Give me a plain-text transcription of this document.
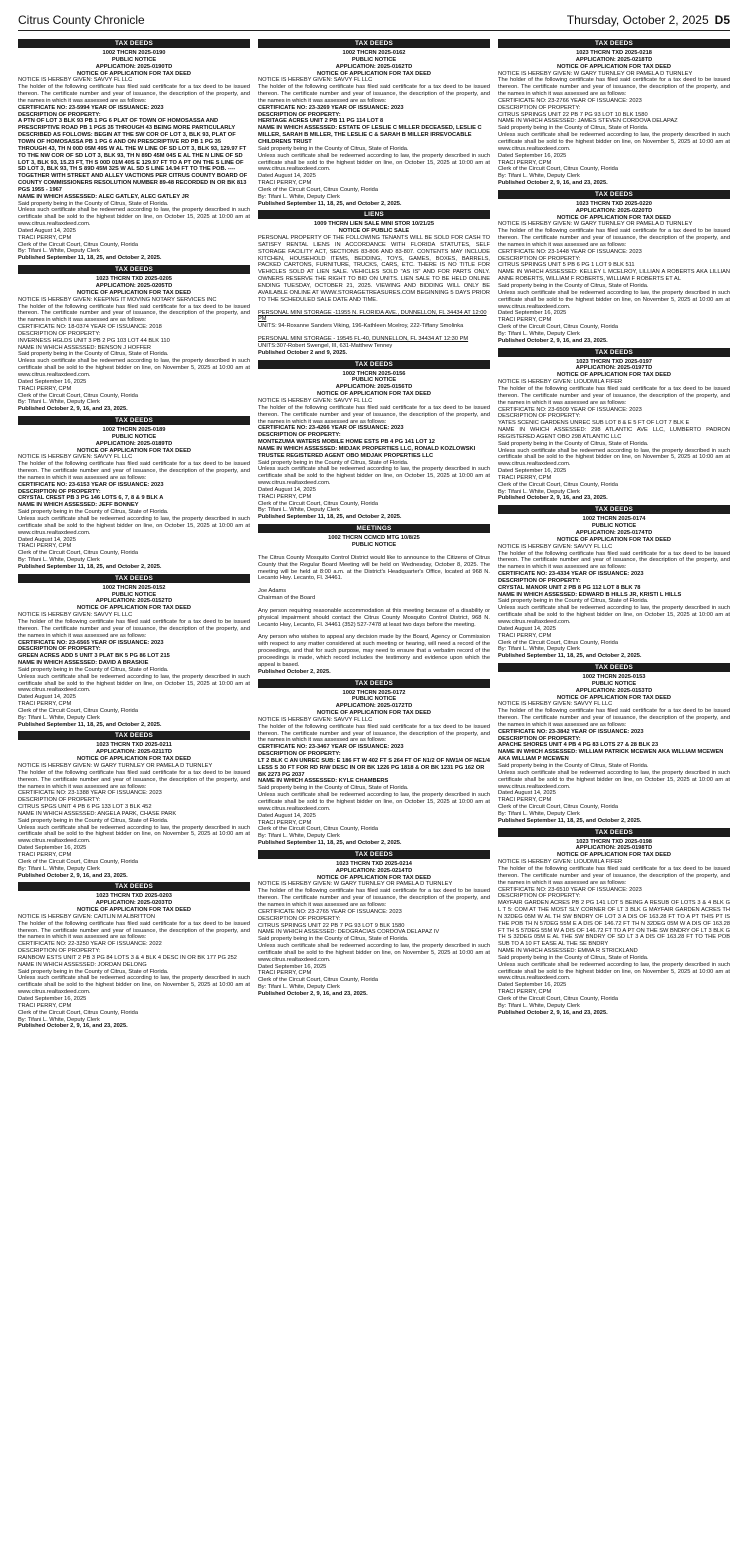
Citrus County Chronicle	Thursday, October 2, 2025 D5
TAX DEEDS
1002 THCRN 2025-0190
PUBLIC NOTICE
APPLICATION: 2025-0190TD
NOTICE OF APPLICATION FOR TAX DEED
NOTICE IS HEREBY GIVEN: SAVVY FL LLC
The holder of the following certificate has filed said certificate for a tax deed to be issued thereon. The certificate number and year of issuance, the description of the property, and the names in which it was assessed are as follows:
CERTIFICATE NO: 23-5994 YEAR OF ISSUANCE: 2023
DESCRIPTION OF PROPERTY:
A PTN OF LOT 3 BLK 93 PB 1 PG 6 PLAT OF TOWN OF HOMOSASSA AND PRESCRIPTIVE ROAD PB 1 PGS 35 THROUGH 43 BEING MORE PARTICULARLY DESCRIBED AS FOLLOWS: BEGIN AT THE SW COR OF LOT 3, BLK 93, PLAT OF TOWN OF HOMOSASSA PB 1 PG 6 AND ON PRESCRIPTIVE RD PB 1 PG 35 THROUGH 43, TH N 00D 05M 49S W AL THE W LINE OF SD LOT 3, BLK 93, 129.97 FT TO THE NW COR OF SD LOT 3, BLK 93, TH N 89D 45M 04S E AL THE N LINE OF SD LOT 3, BLK 93, 15.23 FT, TH S 00D 01M 40S E 129.97 FT TO A PT ON THE S LINE OF SD LOT 3, BLK 93, TH S 89D 45M 32S W AL SD S LINE 14.94 FT TO THE POB. ---- TOGETHER WITH STREET AND ALLEY VACTIONS PER CITRUS COUNTY BOARD OF COUNTY COMMISSIONERS RESOLUTION NUMBER 89-48 RECORDED IN OR BK 813 PGS 1955 - 1967
NAME IN WHICH ASSESSED: ALEC GATLEY, ALEC GATLEY JR
Said property being in the County of Citrus, State of Florida.
Unless such certificate shall be redeemed according to law, the property described in such certificate shall be sold to the highest bidder on line, on October 15, 2025 at 10:00 am at www.citrus.realtaxdeed.com.
Dated August 14, 2025
TRACI PERRY, CPM
Clerk of the Circuit Court, Citrus County, Florida
By: Tifani L. White, Deputy Clerk
Published September 11, 18, 25, and October 2, 2025.
TAX DEEDS
1023 THCRN TXD 2025-0205
APPLICATION: 2025-0205TD
NOTICE OF APPLICATION FOR TAX DEED
NOTICE IS HEREBY GIVEN: KEEPING IT MOVING NOTARY SERVICES INC
The holder of the following certificate has filed said certificate for a tax deed to be issued thereon. The certificate number and year of issuance, the description of the property, and the names in which it was assessed are as follows:
CERTIFICATE NO: 18-0374 YEAR OF ISSUANCE: 2018
DESCRIPTION OF PROPERTY:
INVERNESS HGLDS UNIT 3 PB 2 PG 103 LOT 44 BLK 110
NAME IN WHICH ASSESSED: BENSON J HOFFER
Said property being in the County of Citrus, State of Florida.
Unless such certificate shall be redeemed according to law, the property described in such certificate shall be sold to the highest bidder on line, on November 5, 2025 at 10:00 am at www.citrus.realtaxdeed.com.
Dated September 16, 2025
TRACI PERRY, CPM
Clerk of the Circuit Court, Citrus County, Florida
By: Tifani L. White, Deputy Clerk
Published October 2, 9, 16, and 23, 2025.
TAX DEEDS
1002 THCRN 2025-0189
PUBLIC NOTICE
APPLICATION: 2025-0189TD
NOTICE OF APPLICATION FOR TAX DEED
NOTICE IS HEREBY GIVEN: SAVVY FL LLC
The holder of the following certificate has filed said certificate for a tax deed to be issued thereon. The certificate number and year of issuance, the description of the property, and the names in which it was assessed are as follows:
CERTIFICATE NO: 23-6153 YEAR OF ISSUANCE: 2023
DESCRIPTION OF PROPERTY:
CRYSTAL CREST PB 3 PG 146 LOTS 6, 7, 8 & 9 BLK A
NAME IN WHICH ASSESSED: JEFF BONNEY
Said property being in the County of Citrus, State of Florida.
Unless such certificate shall be redeemed according to law, the property described in such certificate shall be sold to the highest bidder on line, on October 15, 2025 at 10:00 am at www.citrus.realtaxdeed.com.
Dated August 14, 2025
TRACI PERRY, CPM
Clerk of the Circuit Court, Citrus County, Florida
By: Tifani L. White, Deputy Clerk
Published September 11, 18, 25, and October 2, 2025.
TAX DEEDS
1002 THCRN 2025-0152
PUBLIC NOTICE
APPLICATION: 2025-0152TD
NOTICE OF APPLICATION FOR TAX DEED
NOTICE IS HEREBY GIVEN: SAVVY FL LLC
The holder of the following certificate has filed said certificate for a tax deed to be issued thereon. The certificate number and year of issuance, the description of the property, and the names in which it was assessed are as follows:
CERTIFICATE NO: 23-6565 YEAR OF ISSUANCE: 2023
DESCRIPTION OF PROPERTY:
GREEN ACRES ADD 5 UNIT 3 PLAT BK 5 PG 86 LOT 215
NAME IN WHICH ASSESSED: DAVID A BRASKIE
Said property being in the County of Citrus, State of Florida.
Unless such certificate shall be redeemed according to law, the property described in such certificate shall be sold to the highest bidder on line, on October 15, 2025 at 10:00 am at www.citrus.realtaxdeed.com.
Dated August 14, 2025
TRACI PERRY, CPM
Clerk of the Circuit Court, Citrus County, Florida
By: Tifani L. White, Deputy Clerk
Published September 11, 18, 25, and October 2, 2025.
TAX DEEDS
1023 THCRN TXD 2025-0211
APPLICATION: 2025-0211TD
NOTICE OF APPLICATION FOR TAX DEED
NOTICE IS HEREBY GIVEN: W GARY TURNLEY OR PAMELA D TURNLEY
The holder of the following certificate has filed said certificate for a tax deed to be issued thereon. The certificate number and year of issuance, the description of the property, and the names in which it was assessed are as follows:
CERTIFICATE NO: 23-1388 YEAR OF ISSUANCE: 2023
DESCRIPTION OF PROPERTY:
CITRUS SPGS UNIT 4 PB 6 PG 133 LOT 3 BLK 452
NAME IN WHICH ASSESSED: ANGELA PARK, CHASE PARK
Said property being in the County of Citrus, State of Florida.
Unless such certificate shall be redeemed according to law, the property described in such certificate shall be sold to the highest bidder on line, on November 5, 2025 at 10:00 am at www.citrus.realtaxdeed.com.
Dated September 16, 2025
TRACI PERRY, CPM
Clerk of the Circuit Court, Citrus County, Florida
By: Tifani L. White, Deputy Clerk
Published October 2, 9, 16, and 23, 2025.
TAX DEEDS
1023 THCRN TXD 2025-0203
APPLICATION: 2025-0203TD
NOTICE OF APPLICATION FOR TAX DEED
NOTICE IS HEREBY GIVEN: CAITLIN M ALBRITTON
The holder of the following certificate has filed said certificate for a tax deed to be issued thereon. The certificate number and year of issuance, the description of the property, and the names in which it was assessed are as follows:
CERTIFICATE NO: 22-3250 YEAR OF ISSUANCE: 2022
DESCRIPTION OF PROPERTY:
RAINBOW ESTS UNIT 2 PB 3 PG 84 LOTS 3 & 4 BLK 4 DESC IN OR BK 177 PG 252
NAME IN WHICH ASSESSED: JORDAN DELONG
Said property being in the County of Citrus, State of Florida.
Unless such certificate shall be redeemed according to law, the property described in such certificate shall be sold to the highest bidder on line, on November 5, 2025 at 10:00 am at www.citrus.realtaxdeed.com.
Dated September 16, 2025
TRACI PERRY, CPM
Clerk of the Circuit Court, Citrus County, Florida
By: Tifani L. White, Deputy Clerk
Published October 2, 9, 16, and 23, 2025.
TAX DEEDS
1002 THCRN 2025-0162
PUBLIC NOTICE
APPLICATION: 2025-0162TD
NOTICE OF APPLICATION FOR TAX DEED
NOTICE IS HEREBY GIVEN: SAVVY FL LLC
The holder of the following certificate has filed said certificate for a tax deed to be issued thereon. The certificate number and year of issuance, the description of the property, and the names in which it was assessed are as follows:
CERTIFICATE NO: 23-3269 YEAR OF ISSUANCE: 2023
DESCRIPTION OF PROPERTY:
HERITAGE ACRES UNIT 2 PB 11 PG 114 LOT 8
NAME IN WHICH ASSESSED: ESTATE OF LESLIE C MILLER DECEASED, LESLIE C MILLER, SARAH B MILLER, THE LESLIE C & SARAH B MILLER IRREVOCABLE CHILDRENS TRUST
Said property being in the County of Citrus, State of Florida.
Unless such certificate shall be redeemed according to law, the property described in such certificate shall be sold to the highest bidder on line, on October 15, 2025 at 10:00 am at www.citrus.realtaxdeed.com.
Dated August 14, 2025
TRACI PERRY, CPM
Clerk of the Circuit Court, Citrus County, Florida
By: Tifani L. White, Deputy Clerk
Published September 11, 18, 25, and October 2, 2025.
LIENS
1009 THCRN LIEN SALE MINI STOR 10/21/25
NOTICE OF PUBLIC SALE
PERSONAL PROPERTY OF THE FOLLOWING TENANTS WILL BE SOLD FOR CASH TO SATISFY RENTAL LIENS IN ACCORDANCE WITH FLORIDA STATUTES, SELF STORAGE FACILITY ACT, SECTIONS 83-806 AND 83-807. CONTENTS MAY INCLUDE KITCHEN, HOUSEHOLD ITEMS, BEDDING, TOYS, GAMES, BOXES, BARRELS, PACKED CARTONS, FURNITURE, TRUCKS, CARS, ETC. THERE IS NO TITLE FOR VEHICLES SOLD AT LIEN SALE. VEHICLES SOLD "AS IS" AND FOR PARTS ONLY. OWNERS RESERVE THE RIGHT TO BID ON UNITS. LIEN SALE TO BE HELD ONLINE ENDING TUESDAY, OCTOBER 21, 2025. VIEWING AND BIDDING WILL ONLY BE AVAILABLE ONLINE AT WWW.STORAGETREASURES.COM BEGINNING 5 DAYS PRIOR TO THE SCHEDULED SALE DATE AND TIME.
PERSONAL MINI STORAGE -11955 N. FLORIDA AVE., DUNNELLON, FL 34434 AT 12:00 PM
UNITS: 94-Roxanne Sanders Viking, 196-Kathleen Mcelroy, 222-Tiffany Smolinka
PERSONAL MINI STORAGE - 19545 FL-40, DUNNELLON, FL 34434 AT 12:30 PM
UNITS:307-Robert Swengel, III, 631-Matthew Tenney
Published October 2 and 9, 2025.
TAX DEEDS
1002 THCRN 2025-0156
PUBLIC NOTICE
APPLICATION: 2025-0156TD
NOTICE OF APPLICATION FOR TAX DEED
NOTICE IS HEREBY GIVEN: SAVVY FL LLC
The holder of the following certificate has filed said certificate for a tax deed to be issued thereon. The certificate number and year of issuance, the description of the property, and the names in which it was assessed are as follows:
CERTIFICATE NO: 23-4266 YEAR OF ISSUANCE: 2023
DESCRIPTION OF PROPERTY:
MONTEZUMA WATERS MOBILE HOME ESTS PB 4 PG 141 LOT 12
NAME IN WHICH ASSESSED: MIDJAK PROPERTIES LLC, RONALD KOZLOWSKI TRUSTEE REGISTERED AGENT OBO MIDJAK PROPERTIES LLC
Said property being in the County of Citrus, State of Florida.
Unless such certificate shall be redeemed according to law, the property described in such certificate shall be sold to the highest bidder on line, on October 15, 2025 at 10:00 am at www.citrus.realtaxdeed.com.
Dated August 14, 2025
TRACI PERRY, CPM
Clerk of the Circuit Court, Citrus County, Florida
By: Tifani L. White, Deputy Clerk
Published September 11, 18, 25, and October 2, 2025.
MEETINGS
1002 THCRN CCMCD MTG 10/8/25
PUBLIC NOTICE
The Citrus County Mosquito Control District would like to announce to the Citizens of Citrus County that the Regular Board Meeting will be held on Wednesday, October 8, 2025. The meeting will be held at 8:00 a.m. at the District's Headquarter's Office, located at 968 N. Lecanto Hwy. Lecanto, Fl. 34461.
Joe Adams
Chairman of the Board
Any person requiring reasonable accommodation at this meeting because of a disability or physical impairment should contact the Citrus County Mosquito Control District, 968 N. Lecanto Hwy, Lecanto, Fl. 34461 (352) 527-7478 at least two days before the meeting.
Any person who wishes to appeal any decision made by the Board, Agency or Commission with respect to any matter considered at such meeting or hearing, will need a record of the proceedings, and that for such purpose, may need to ensure that a verbatim record of the proceedings is made, which record includes the testimony and evidence upon which the appeal is based.
Published October 2, 2025.
TAX DEEDS
1002 THCRN 2025-0172
PUBLIC NOTICE
APPLICATION: 2025-0172TD
NOTICE OF APPLICATION FOR TAX DEED
NOTICE IS HEREBY GIVEN: SAVVY FL LLC
The holder of the following certificate has filed said certificate for a tax deed to be issued thereon. The certificate number and year of issuance, the description of the property, and the names in which it was assessed are as follows:
CERTIFICATE NO: 23-3467 YEAR OF ISSUANCE: 2023
DESCRIPTION OF PROPERTY:
LT 2 BLK C AN UNREC SUB: E 186 FT W 402 FT S 264 FT OF N1/2 OF NW1/4 OF NE1/4 LESS S 30 FT FOR RD R/W DESC IN OR BK 1226 PG 1818 & OR BK 1231 PG 162 OR BK 2273 PG 2037
NAME IN WHICH ASSESSED: KYLE CHAMBERS
Said property being in the County of Citrus, State of Florida.
Unless such certificate shall be redeemed according to law, the property described in such certificate shall be sold to the highest bidder on line, on October 15, 2025 at 10:00 am at www.citrus.realtaxdeed.com.
Dated August 14, 2025
TRACI PERRY, CPM
Clerk of the Circuit Court, Citrus County, Florida
By: Tifani L. White, Deputy Clerk
Published September 11, 18, 25, and October 2, 2025.
TAX DEEDS
1023 THCRN TXD 2025-0214
APPLICATION: 2025-0214TD
NOTICE OF APPLICATION FOR TAX DEED
NOTICE IS HEREBY GIVEN: W GARY TURNLEY OR PAMELA D TURNLEY
The holder of the following certificate has filed said certificate for a tax deed to be issued thereon. The certificate number and year of issuance, the description of the property, and the names in which it was assessed are as follows:
CERTIFICATE NO: 23-2765 YEAR OF ISSUANCE: 2023
DESCRIPTION OF PROPERTY:
CITRUS SPRINGS UNIT 22 PB 7 PG 93 LOT 9 BLK 1580
NAME IN WHICH ASSESSED: DEOGRACIAS CORDOVA DELAPAZ IV
Said property being in the County of Citrus, State of Florida.
Unless such certificate shall be redeemed according to law, the property described in such certificate shall be sold to the highest bidder on line, on November 5, 2025 at 10:00 am at www.citrus.realtaxdeed.com.
Dated September 16, 2025
TRACI PERRY, CPM
Clerk of the Circuit Court, Citrus County, Florida
By: Tifani L. White, Deputy Clerk
Published October 2, 9, 16, and 23, 2025.
TAX DEEDS
1023 THCRN TXD 2025-0218
APPLICATION: 2025-0218TD
NOTICE OF APPLICATION FOR TAX DEED
NOTICE IS HEREBY GIVEN: W GARY TURNLEY OR PAMELA D TURNLEY
The holder of the following certificate has filed said certificate for a tax deed to be issued thereon. The certificate number and year of issuance, the description of the property, and the names in which it was assessed are as follows:
CERTIFICATE NO: 23-2766 YEAR OF ISSUANCE: 2023
DESCRIPTION OF PROPERTY:
CITRUS SPRINGS UNIT 22 PB 7 PG 93 LOT 10 BLK 1580
NAME IN WHICH ASSESSED: JAMES STEVEN CORDOVA DELAPAZ
Said property being in the County of Citrus, State of Florida.
Unless such certificate shall be redeemed according to law, the property described in such certificate shall be sold to the highest bidder on line, on November 5, 2025 at 10:00 am at www.citrus.realtaxdeed.com.
Dated September 16, 2025
TRACI PERRY, CPM
Clerk of the Circuit Court, Citrus County, Florida
By: Tifani L. White, Deputy Clerk
Published October 2, 9, 16, and 23, 2025.
TAX DEEDS
1023 THCRN TXD 2025-0220
APPLICATION: 2025-0220TD
NOTICE OF APPLICATION FOR TAX DEED
NOTICE IS HEREBY GIVEN: W GARY TURNLEY OR PAMELA D TURNLEY
The holder of the following certificate has filed said certificate for a tax deed to be issued thereon. The certificate number and year of issuance, the description of the property, and the names in which it was assessed are as follows:
CERTIFICATE NO: 23-1448 YEAR OF ISSUANCE: 2023
DESCRIPTION OF PROPERTY:
CITRUS SPRINGS UNIT 5 PB 6 PG 1 LOT 9 BLK 511
NAME IN WHICH ASSESSED: KELLEY L MCELROY, LILLIAN A ROBERTS AKA LILLIAN ANNE ROBERTS, WILLIAM F ROBERTS, WILLIAM F ROBERTS ET AL
Said property being in the County of Citrus, State of Florida.
Unless such certificate shall be redeemed according to law, the property described in such certificate shall be sold to the highest bidder on line, on November 5, 2025 at 10:00 am at www.citrus.realtaxdeed.com.
Dated September 16, 2025
TRACI PERRY, CPM
Clerk of the Circuit Court, Citrus County, Florida
By: Tifani L. White, Deputy Clerk
Published October 2, 9, 16, and 23, 2025.
TAX DEEDS
1023 THCRN TXD 2025-0197
APPLICATION: 2025-0197TD
NOTICE OF APPLICATION FOR TAX DEED
NOTICE IS HEREBY GIVEN: LIOUDMILA FIFER
The holder of the following certificate has filed said certificate for a tax deed to be issued thereon. The certificate number and year of issuance, the description of the property, and the names in which it was assessed are as follows:
CERTIFICATE NO: 23-6509 YEAR OF ISSUANCE: 2023
DESCRIPTION OF PROPERTY:
YATES SCENIC GARDENS UNREC SUB LOT 8 & E 5 FT OF LOT 7 BLK E
NAME IN WHICH ASSESSED: 298 ATLANTIC AVE LLC, LUMBERTO PADRON REGISTERED AGENT OBO 298 ATLANTIC LLC
Said property being in the County of Citrus, State of Florida.
Unless such certificate shall be redeemed according to law, the property described in such certificate shall be sold to the highest bidder on line, on November 5, 2025 at 10:00 am at www.citrus.realtaxdeed.com.
Dated September 16, 2025
TRACI PERRY, CPM
Clerk of the Circuit Court, Citrus County, Florida
By: Tifani L. White, Deputy Clerk
Published October 2, 9, 16, and 23, 2025.
TAX DEEDS
1002 THCRN 2025-0174
PUBLIC NOTICE
APPLICATION: 2025-0174TD
NOTICE OF APPLICATION FOR TAX DEED
NOTICE IS HEREBY GIVEN: SAVVY FL LLC
The holder of the following certificate has filed said certificate for a tax deed to be issued thereon. The certificate number and year of issuance, the description of the property, and the names in which it was assessed are as follows:
CERTIFICATE NO: 23-4334 YEAR OF ISSUANCE: 2023
DESCRIPTION OF PROPERTY:
CRYSTAL MANOR UNIT 2 PB 8 PG 112 LOT 8 BLK 78
NAME IN WHICH ASSESSED: EDWARD B HILLS JR, KRISTI L HILLS
Said property being in the County of Citrus, State of Florida.
Unless such certificate shall be redeemed according to law, the property described in such certificate shall be sold to the highest bidder on line, on October 15, 2025 at 10:00 am at www.citrus.realtaxdeed.com.
Dated August 14, 2025
TRACI PERRY, CPM
Clerk of the Circuit Court, Citrus County, Florida
By: Tifani L. White, Deputy Clerk
Published September 11, 18, 25, and October 2, 2025.
TAX DEEDS
1002 THCRN 2025-0153
PUBLIC NOTICE
APPLICATION: 2025-0153TD
NOTICE OF APPLICATION FOR TAX DEED
NOTICE IS HEREBY GIVEN: SAVVY FL LLC
The holder of the following certificate has filed said certificate for a tax deed to be issued thereon. The certificate number and year of issuance, the description of the property, and the names in which it was assessed are as follows:
CERTIFICATE NO: 23-3842 YEAR OF ISSUANCE: 2023
DESCRIPTION OF PROPERTY:
APACHE SHORES UNIT 4 PB 4 PG 83 LOTS 27 & 28 BLK 23
NAME IN WHICH ASSESSED: WILLIAM PATRICK MCEWEN AKA WILLIAM MCEWEN AKA WILLIAM P MCEWEN
Said property being in the County of Citrus, State of Florida.
Unless such certificate shall be redeemed according to law, the property described in such certificate shall be sold to the highest bidder on line, on October 15, 2025 at 10:00 am at www.citrus.realtaxdeed.com.
Dated August 14, 2025
TRACI PERRY, CPM
Clerk of the Circuit Court, Citrus County, Florida
By: Tifani L. White, Deputy Clerk
Published September 11, 18, 25, and October 2, 2025.
TAX DEEDS
1023 THCRN TXD 2025-0198
APPLICATION: 2025-0198TD
NOTICE OF APPLICATION FOR TAX DEED
NOTICE IS HEREBY GIVEN: LIOUDMILA FIFER
The holder of the following certificate has filed said certificate for a tax deed to be issued thereon. The certificate number and year of issuance, the description of the property, and the names in which it was assessed are as follows:
CERTIFICATE NO: 23-6510 YEAR OF ISSUANCE: 2023
DESCRIPTION OF PROPERTY:
MAYFAIR GARDEN ACRES PB 2 PG 141 LOT 5 BEING A RESUB OF LOTS 3 & 4 BLK G L T 5: COM AT THE MOST SLY CORNER OF LT 3 BLK G MAYFAIR GARDEN ACRES TH N 32DEG 05M W AL TH SW BNDRY OF LOT 3 A DIS OF 163.28 FT TO A PT THIS PT IS THE POB TH N 57DEG 55M E A DIS OF 146.72 FT TH N 32DEG 05M W A DIS OF 163.28 FT TH S 57DEG 55M W A DIS OF 146.72 FT TO A PT ON THE SW BNDRY OF LT 3 BLK G TH S 32DEG 05M E AL THE SW BNDRY OF SD LT 3 A DIS OF 163.28 FT TO THE POB SUB TO A 10 FT EASE AL THE SE BNDRY
NAME IN WHICH ASSESSED: EMMA R STRICKLAND
Said property being in the County of Citrus, State of Florida.
Unless such certificate shall be redeemed according to law, the property described in such certificate shall be sold to the highest bidder on line, on November 5, 2025 at 10:00 am at www.citrus.realtaxdeed.com.
Dated September 16, 2025
TRACI PERRY, CPM
Clerk of the Circuit Court, Citrus County, Florida
By: Tifani L. White, Deputy Clerk
Published October 2, 9, 16, and 23, 2025.
